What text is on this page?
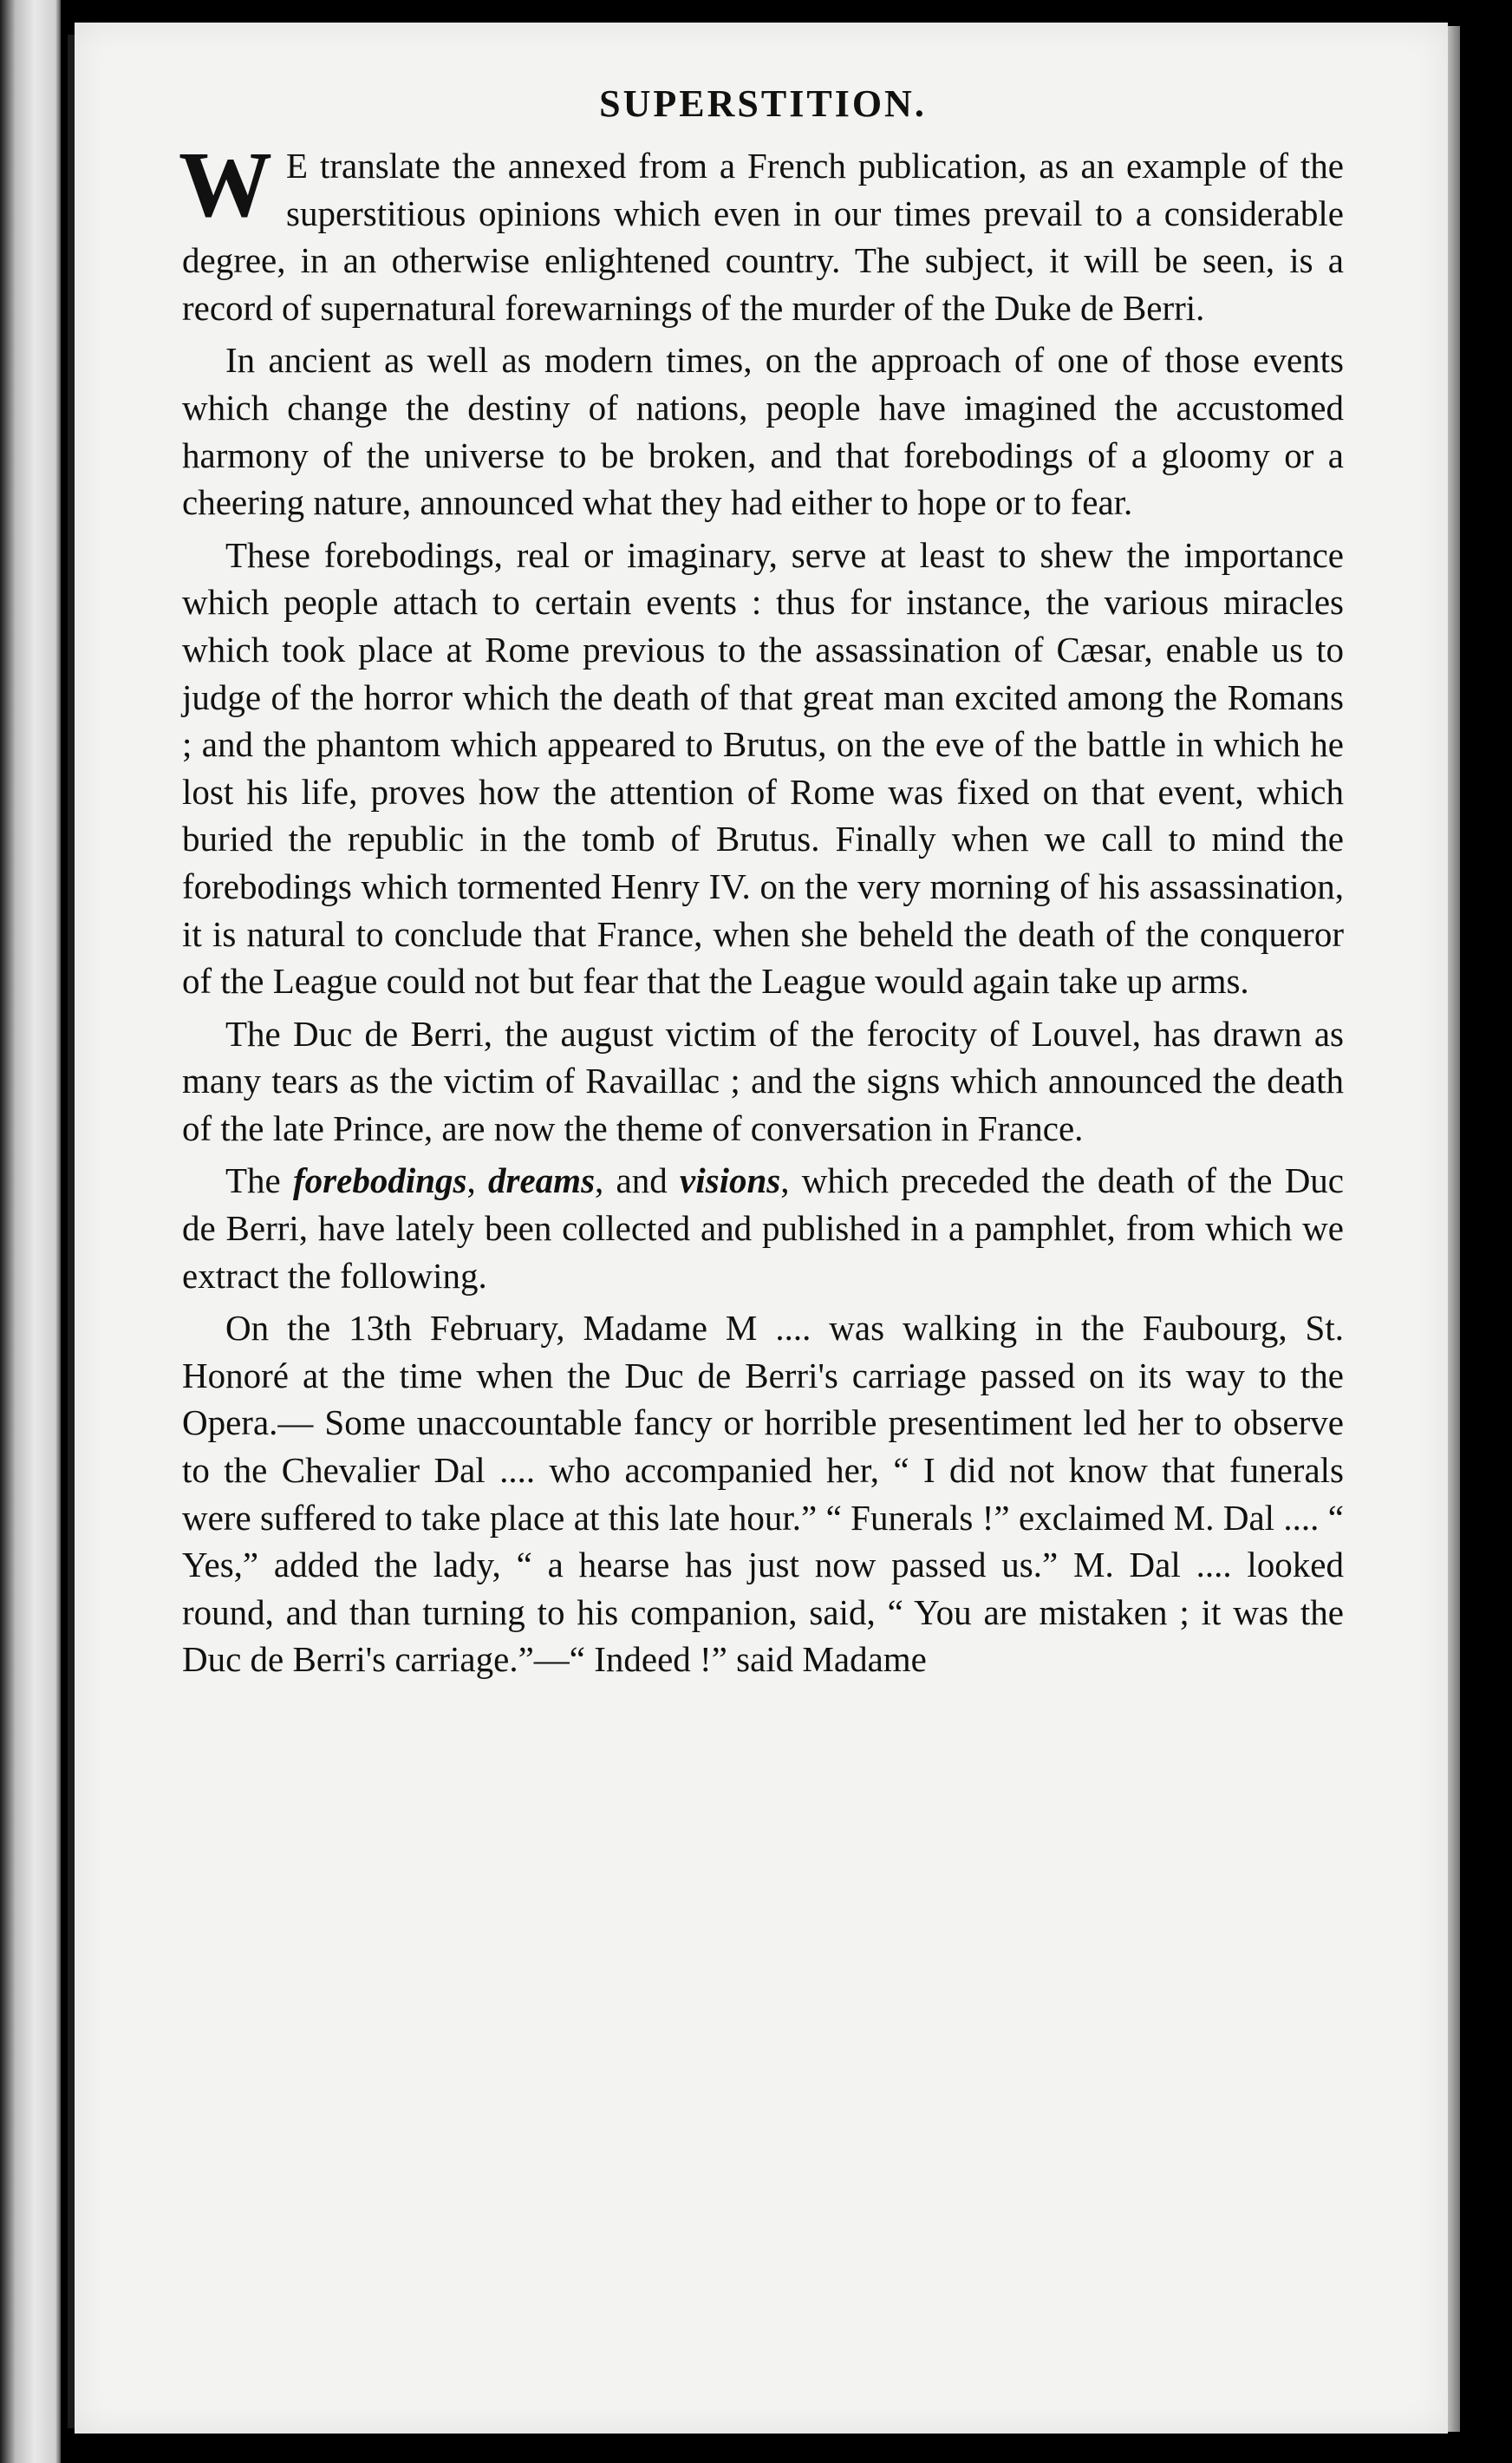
SUPERSTITION.

W E translate the annexed from a French publication, as an example of the superstitious opinions which even in our times prevail to a considerable degree, in an otherwise enlightened country. The subject, it will be seen, is a record of supernatural forewarnings of the murder of the Duke de Berri.

In ancient as well as modern times, on the approach of one of those events which change the destiny of nations, people have imagined the accustomed harmony of the universe to be broken, and that forebodings of a gloomy or a cheering nature, announced what they had either to hope or to fear.

These forebodings, real or imaginary, serve at least to shew the importance which people attach to certain events : thus for instance, the various miracles which took place at Rome previous to the assassination of Cæsar, enable us to judge of the horror which the death of that great man excited among the Romans ; and the phantom which appeared to Brutus, on the eve of the battle in which he lost his life, proves how the attention of Rome was fixed on that event, which buried the republic in the tomb of Brutus. Finally when we call to mind the forebodings which tormented Henry IV. on the very morning of his assassination, it is natural to conclude that France, when she beheld the death of the conqueror of the League could not but fear that the League would again take up arms.

The Duc de Berri, the august victim of the ferocity of Louvel, has drawn as many tears as the victim of Ravaillac ; and the signs which announced the death of the late Prince, are now the theme of conversation in France.

The forebodings, dreams, and visions, which preceded the death of the Duc de Berri, have lately been collected and published in a pamphlet, from which we extract the following.

On the 13th February, Madame M .... was walking in the Faubourg, St. Honoré at the time when the Duc de Berri's carriage passed on its way to the Opera.— Some unaccountable fancy or horrible presentiment led her to observe to the Chevalier Dal .... who accompanied her, “ I did not know that funerals were suffered to take place at this late hour.” “ Funerals !” exclaimed M. Dal .... “ Yes,” added the lady, “ a hearse has just now passed us.” M. Dal .... looked round, and than turning to his companion, said, “ You are mistaken ; it was the Duc de Berri's carriage.”—“ Indeed !” said Madame
